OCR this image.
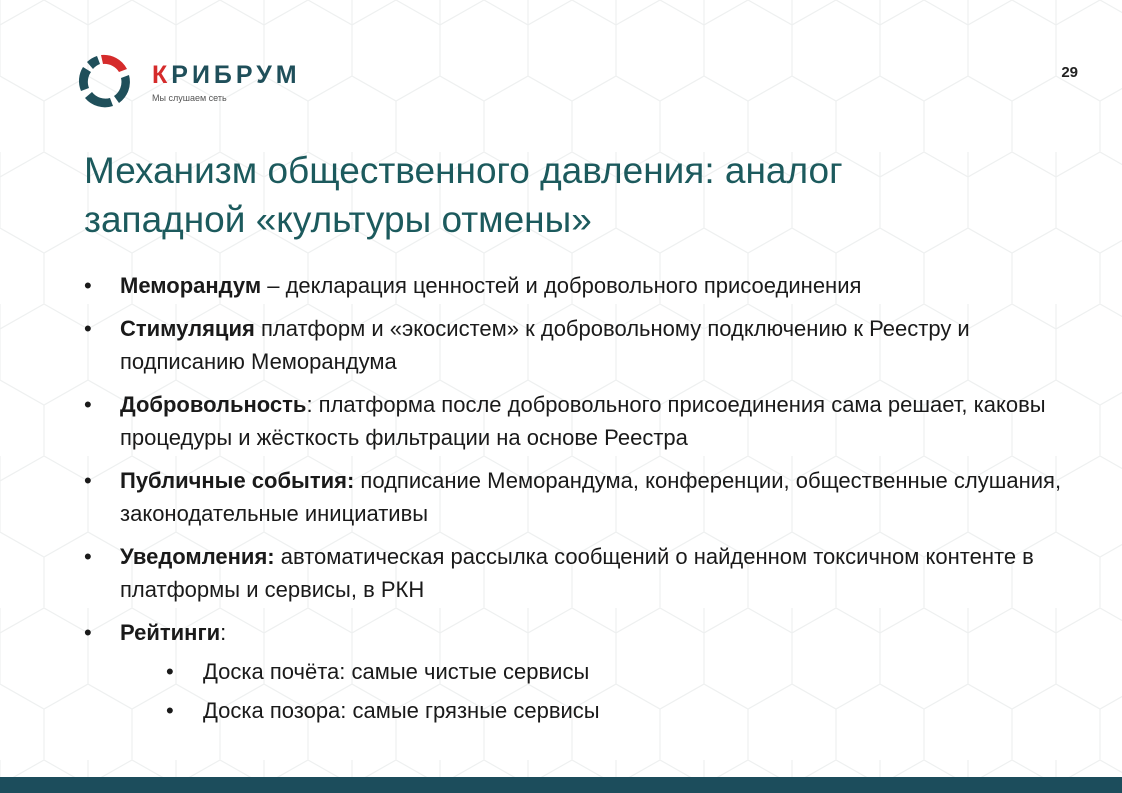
КРИБРУМ
Мы слушаем сеть
29
Механизм общественного давления: аналог
западной «культуры отмены»
• Меморандум – декларация ценностей и добровольного присоединения
• Стимуляция платформ и «экосистем» к добровольному подключению к Реестру и подписанию Меморандума
• Добровольность: платформа после добровольного присоединения сама решает, каковы процедуры и жёсткость фильтрации на основе Реестра
• Публичные события: подписание Меморандума, конференции, общественные слушания, законодательные инициативы
• Уведомления: автоматическая рассылка сообщений о найденном токсичном контенте в платформы и сервисы, в РКН
• Рейтинги:
• Доска почёта: самые чистые сервисы
• Доска позора: самые грязные сервисы
